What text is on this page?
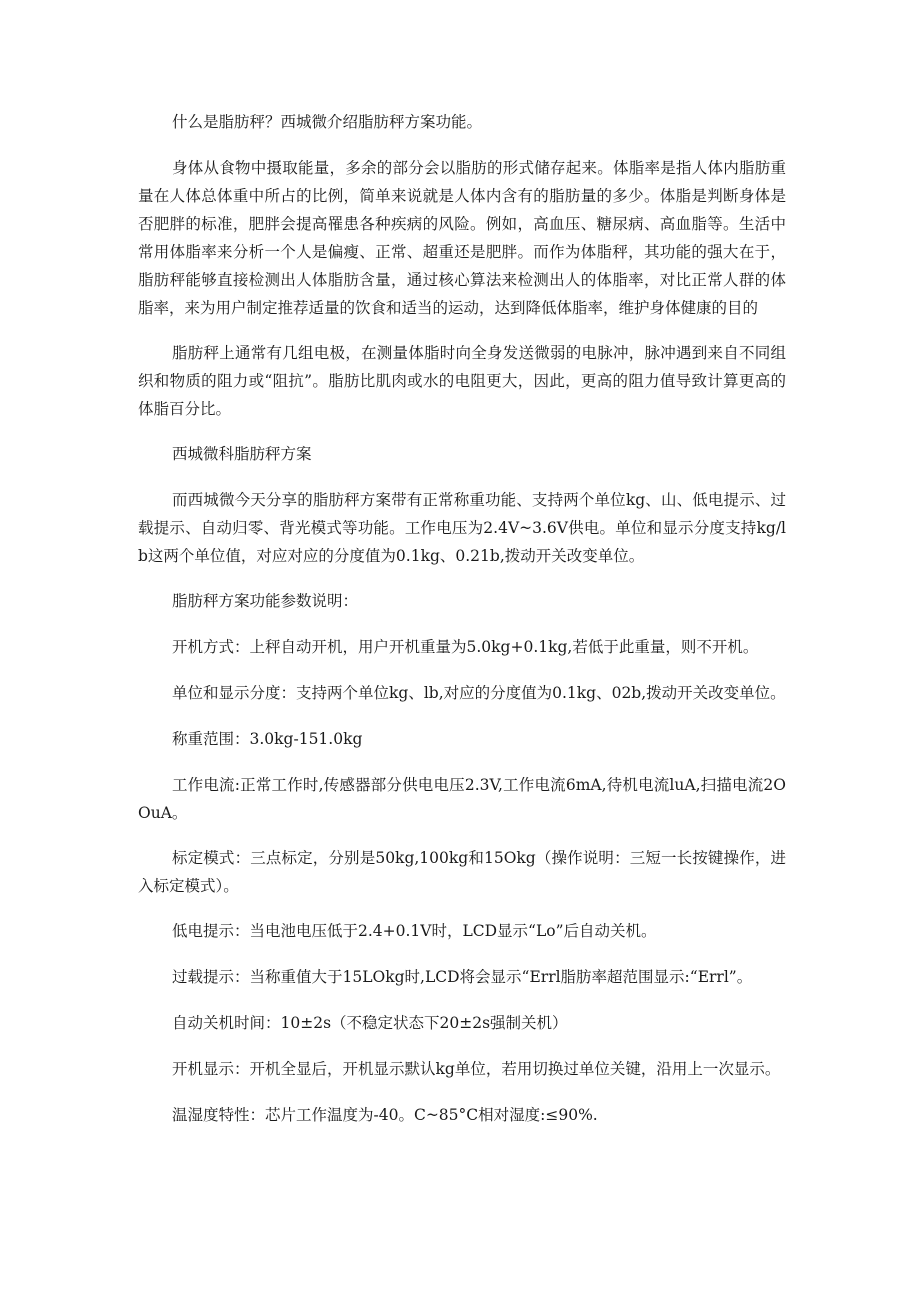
什么是脂肪秤？西城微介绍脂肪秤方案功能。

身体从食物中摄取能量，多余的部分会以脂肪的形式储存起来。体脂率是指人体内脂肪重量在人体总体重中所占的比例，简单来说就是人体内含有的脂肪量的多少。体脂是判断身体是否肥胖的标准，肥胖会提高罹患各种疾病的风险。例如，高血压、糖尿病、高血脂等。生活中常用体脂率来分析一个人是偏瘦、正常、超重还是肥胖。而作为体脂秤，其功能的强大在于，脂肪秤能够直接检测出人体脂肪含量，通过核心算法来检测出人的体脂率，对比正常人群的体脂率，来为用户制定推荐适量的饮食和适当的运动，达到降低体脂率，维护身体健康的目的

脂肪秤上通常有几组电极，在测量体脂时向全身发送微弱的电脉冲，脉冲遇到来自不同组织和物质的阻力或“阻抗”。脂肪比肌肉或水的电阻更大，因此，更高的阻力值导致计算更高的体脂百分比。

西城微科脂肪秤方案

而西城微今天分享的脂肪秤方案带有正常称重功能、支持两个单位kg、山、低电提示、过载提示、自动归零、背光模式等功能。工作电压为2.4V~3.6V供电。单位和显示分度支持kg/lb这两个单位值，对应对应的分度值为0.1kg、0.21b,拨动开关改变单位。

脂肪秤方案功能参数说明：

开机方式：上秤自动开机，用户开机重量为5.0kg+0.1kg,若低于此重量，则不开机。

单位和显示分度：支持两个单位kg、lb,对应的分度值为0.1kg、02b,拨动开关改变单位。

称重范围：3.0kg-151.0kg

工作电流:正常工作时,传感器部分供电电压2.3V,工作电流6mA,待机电流luA,扫描电流2OOuA。

标定模式：三点标定，分别是50kg,100kg和15Okg（操作说明：三短一长按键操作，进入标定模式）。

低电提示：当电池电压低于2.4+0.1V时，LCD显示“Lo”后自动关机。

过载提示：当称重值大于15LOkg时,LCD将会显示“Errl脂肪率超范围显示:“Errl”。

自动关机时间：10±2s（不稳定状态下20±2s强制关机）

开机显示：开机全显后，开机显示默认kg单位，若用切换过单位关键，沿用上一次显示。

温湿度特性：芯片工作温度为-40。C~85°C相对湿度:≤90%.
